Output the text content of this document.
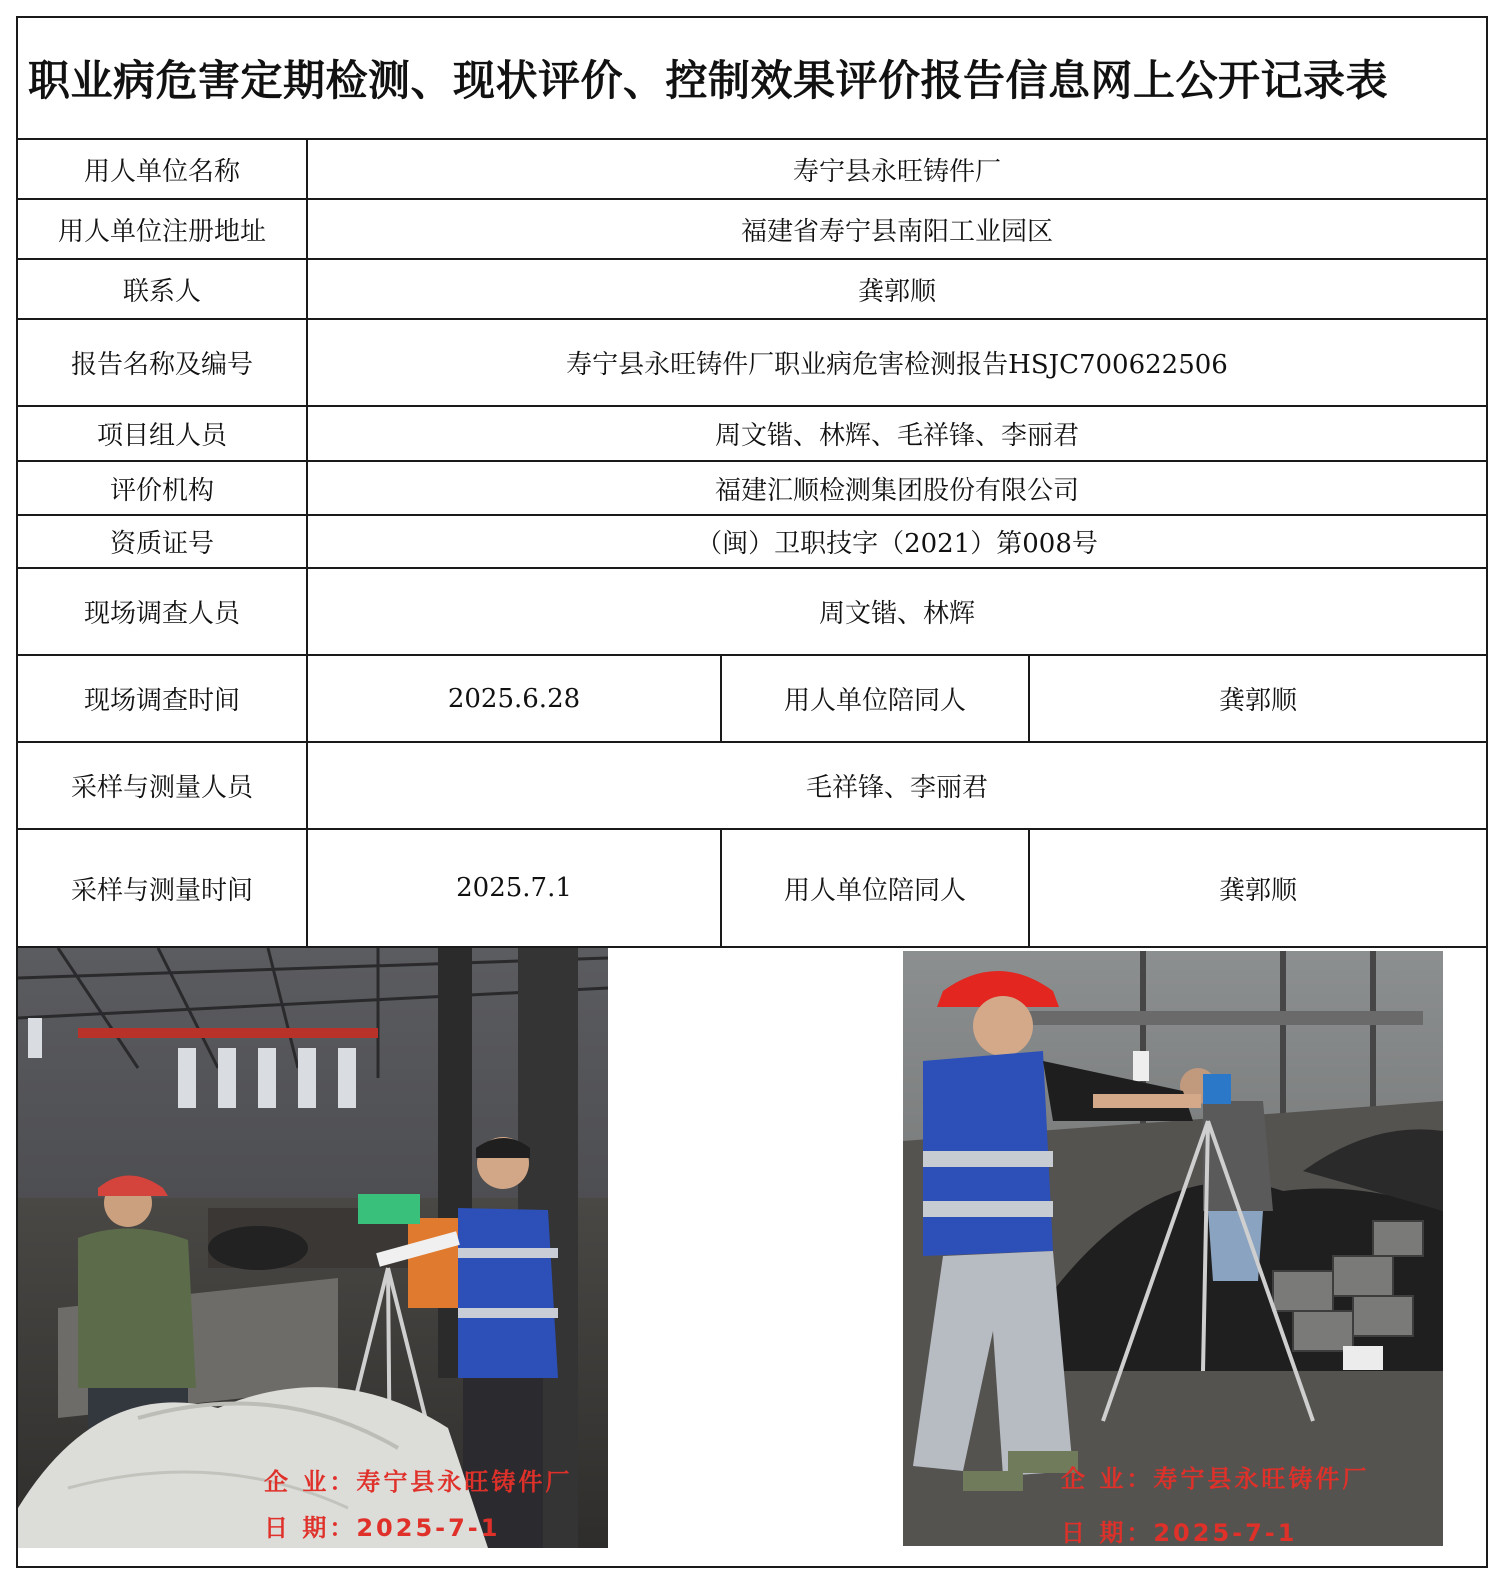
职业病危害定期检测、现状评价、控制效果评价报告信息网上公开记录表
用人单位名称	寿宁县永旺铸件厂
用人单位注册地址	福建省寿宁县南阳工业园区
联系人	龚郭顺
报告名称及编号	寿宁县永旺铸件厂职业病危害检测报告HSJC700622506
项目组人员	周文锴、林辉、毛祥锋、李丽君
评价机构	福建汇顺检测集团股份有限公司
资质证号	（闽）卫职技字（2021）第008号
现场调查人员	周文锴、林辉
现场调查时间	2025.6.28	用人单位陪同人	龚郭顺
采样与测量人员	毛祥锋、李丽君
采样与测量时间	2025.7.1	用人单位陪同人	龚郭顺
企 业：寿宁县永旺铸件厂
日 期：2025-7-1
企 业：寿宁县永旺铸件厂
日 期：2025-7-1
